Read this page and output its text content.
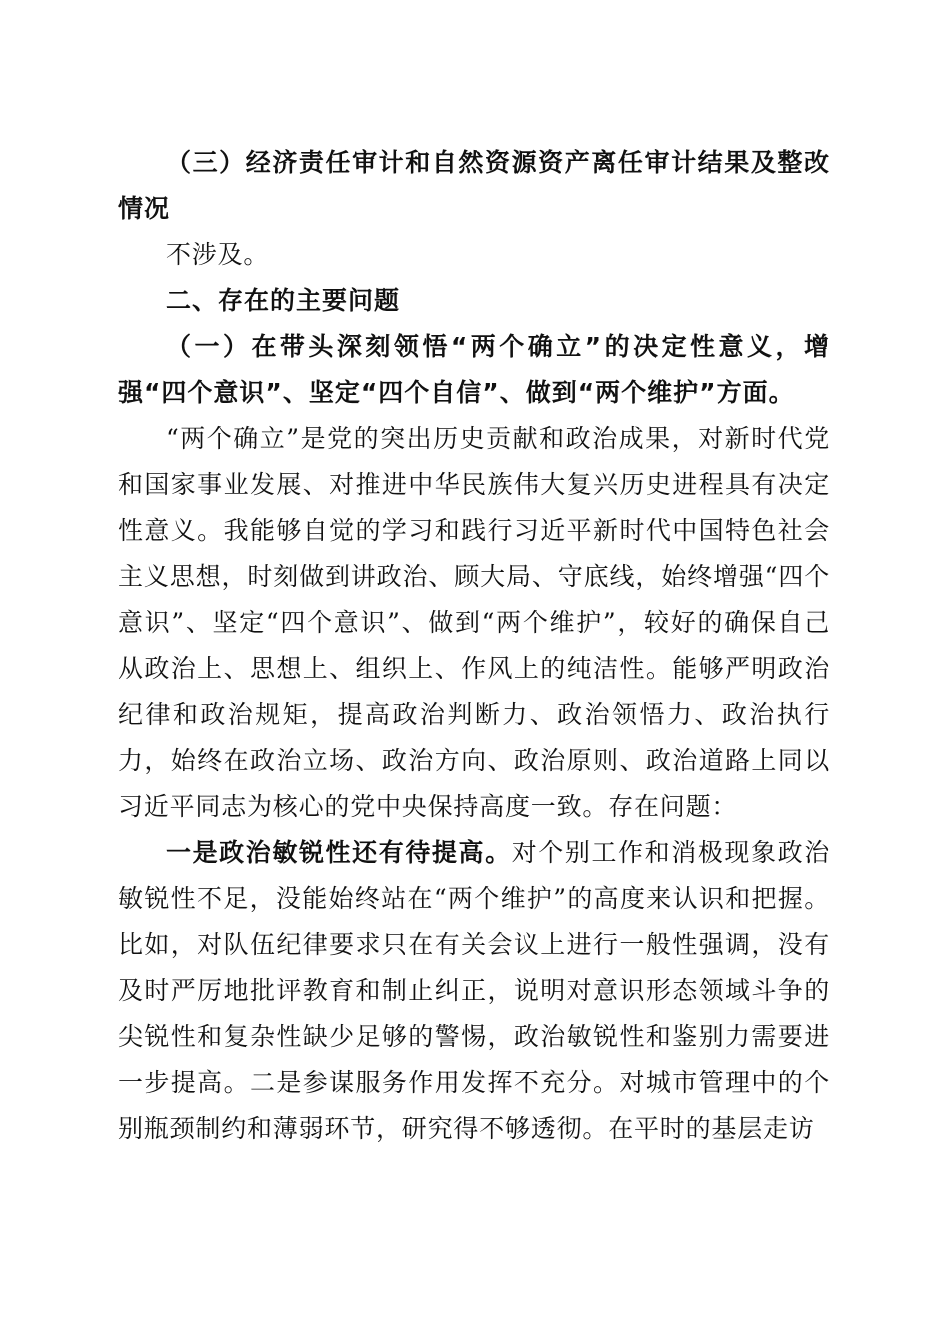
（三）经济责任审计和自然资源资产离任审计结果及整改情况

不涉及。

二、存在的主要问题

（一）在带头深刻领悟“两个确立”的决定性意义，增强“四个意识”、坚定“四个自信”、做到“两个维护”方面。

“两个确立”是党的突出历史贡献和政治成果，对新时代党和国家事业发展、对推进中华民族伟大复兴历史进程具有决定性意义。我能够自觉的学习和践行习近平新时代中国特色社会主义思想，时刻做到讲政治、顾大局、守底线，始终增强“四个意识”、坚定“四个意识”、做到“两个维护”，较好的确保自己从政治上、思想上、组织上、作风上的纯洁性。能够严明政治纪律和政治规矩，提高政治判断力、政治领悟力、政治执行力，始终在政治立场、政治方向、政治原则、政治道路上同以习近平同志为核心的党中央保持高度一致。存在问题：

一是政治敏锐性还有待提高。对个别工作和消极现象政治敏锐性不足，没能始终站在“两个维护”的高度来认识和把握。比如，对队伍纪律要求只在有关会议上进行一般性强调，没有及时严厉地批评教育和制止纠正，说明对意识形态领域斗争的尖锐性和复杂性缺少足够的警惕，政治敏锐性和鉴别力需要进一步提高。二是参谋服务作用发挥不充分。对城市管理中的个别瓶颈制约和薄弱环节，研究得不够透彻。在平时的基层走访
